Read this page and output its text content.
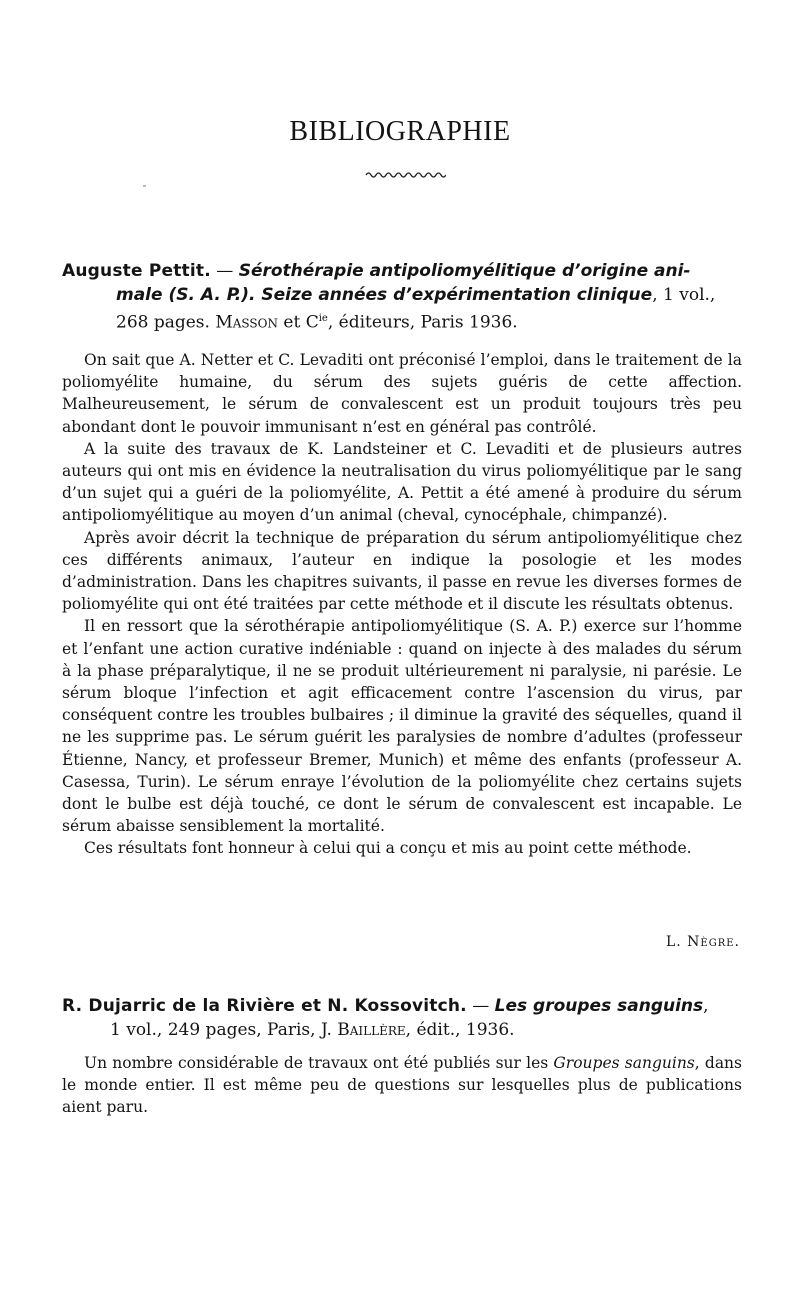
BIBLIOGRAPHIE
Auguste Pettit. — Sérothérapie antipoliomyélitique d’origine ani-
male (S. A. P.). Seize années d’expérimentation clinique, 1 vol.,
268 pages. Masson et $C^{ie}$, éditeurs, Paris 1936.

On sait que A. Netter et C. Levaditi ont préconisé l’emploi, dans le traitement de la poliomyélite humaine, du sérum des sujets guéris de cette affection. Malheureusement, le sérum de convalescent est un produit toujours très peu abondant dont le pouvoir immunisant n’est en général pas contrôlé.

A la suite des travaux de K. Landsteiner et C. Levaditi et de plusieurs autres auteurs qui ont mis en évidence la neutralisation du virus poliomyélitique par le sang d’un sujet qui a guéri de la poliomyélite, A. Pettit a été amené à produire du sérum antipoliomyélitique au moyen d’un animal (cheval, cynocéphale, chimpanzé).

Après avoir décrit la technique de préparation du sérum antipoliomyélitique chez ces différents animaux, l’auteur en indique la posologie et les modes d’administration. Dans les chapitres suivants, il passe en revue les diverses formes de poliomyélite qui ont été traitées par cette méthode et il discute les résultats obtenus.

Il en ressort que la sérothérapie antipoliomyélitique (S. A. P.) exerce sur l’homme et l’enfant une action curative indéniable : quand on injecte à des malades du sérum à la phase préparalytique, il ne se produit ultérieurement ni paralysie, ni parésie. Le sérum bloque l’infection et agit efficacement contre l’ascension du virus, par conséquent contre les troubles bulbaires ; il diminue la gravité des séquelles, quand il ne les supprime pas. Le sérum guérit les paralysies de nombre d’adultes (professeur Étienne, Nancy, et professeur Bremer, Munich) et même des enfants (professeur A. Casessa, Turin). Le sérum enraye l’évolution de la poliomyélite chez certains sujets dont le bulbe est déjà touché, ce dont le sérum de convalescent est incapable. Le sérum abaisse sensiblement la mortalité.

Ces résultats font honneur à celui qui a conçu et mis au point cette méthode.

L. Nègre.
R. Dujarric de la Rivière et N. Kossovitch. — Les groupes sanguins,
1 vol., 249 pages, Paris, J. Baillère, édit., 1936.

Un nombre considérable de travaux ont été publiés sur les Groupes sanguins, dans le monde entier. Il est même peu de questions sur lesquelles plus de publications aient paru.
